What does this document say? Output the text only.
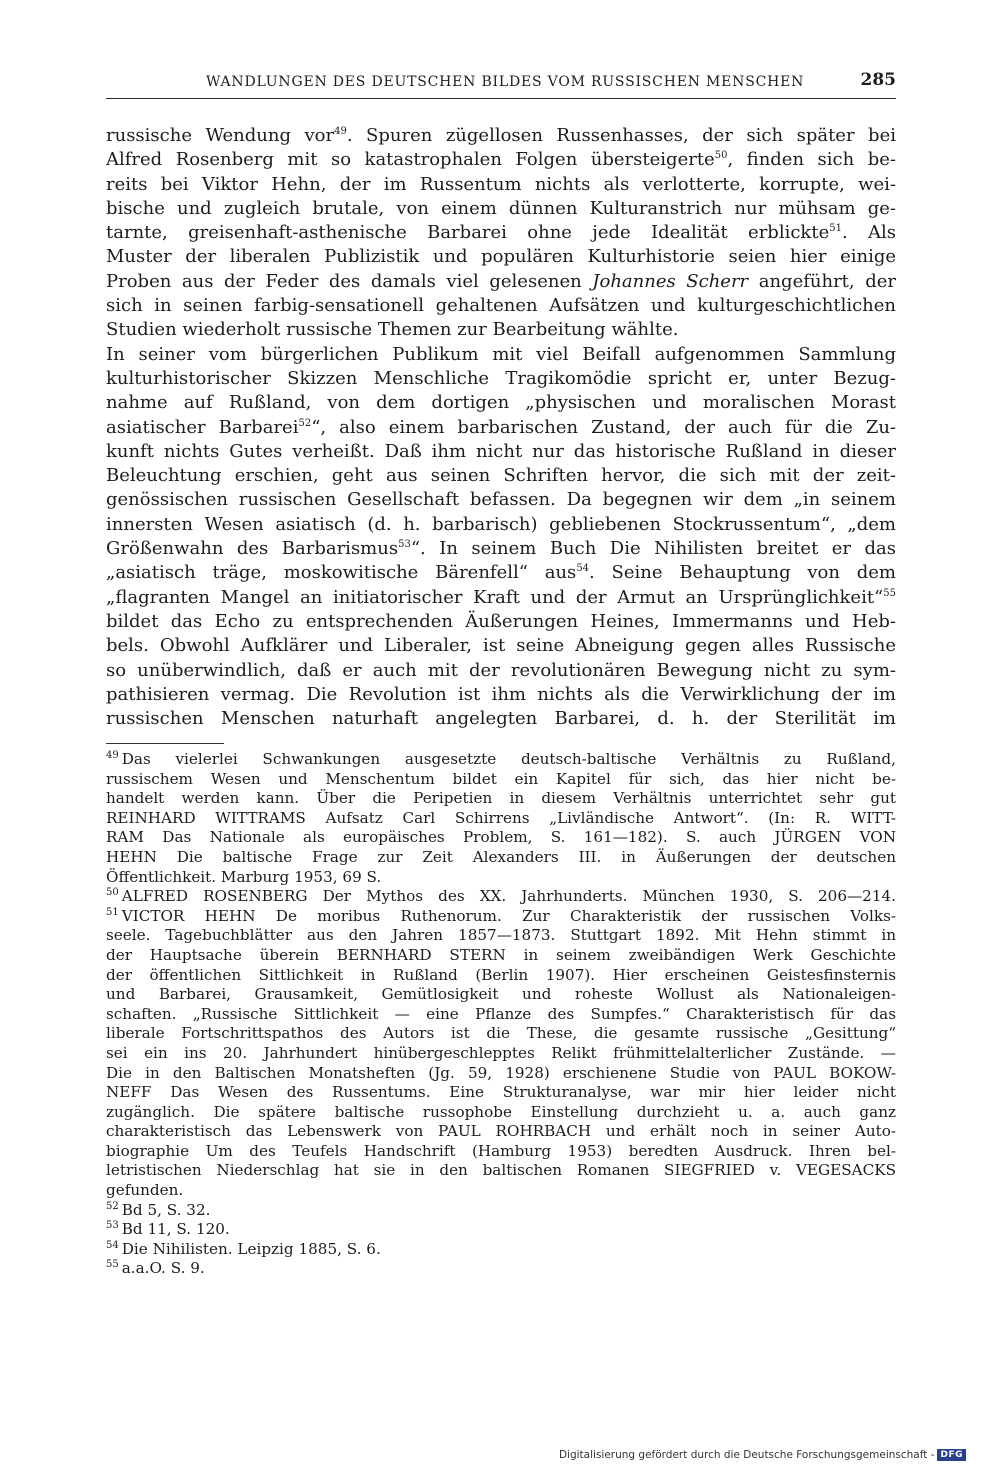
WANDLUNGEN DES DEUTSCHEN BILDES VOM RUSSISCHEN MENSCHEN	285
russische Wendung vor$^{49}$. Spuren zügellosen Russenhasses, der sich später bei
Alfred Rosenberg mit so katastrophalen Folgen übersteigerte$^{50}$, finden sich be-
reits bei Viktor Hehn, der im Russentum nichts als verlotterte, korrupte, wei-
bische und zugleich brutale, von einem dünnen Kulturanstrich nur mühsam ge-
tarnte, greisenhaft-asthenische Barbarei ohne jede Idealität erblickte$^{51}$. Als
Muster der liberalen Publizistik und populären Kulturhistorie seien hier einige
Proben aus der Feder des damals viel gelesenen Johannes Scherr angeführt, der
sich in seinen farbig-sensationell gehaltenen Aufsätzen und kulturgeschichtlichen
Studien wiederholt russische Themen zur Bearbeitung wählte.
In seiner vom bürgerlichen Publikum mit viel Beifall aufgenommen Sammlung
kulturhistorischer Skizzen Menschliche Tragikomödie spricht er, unter Bezug-
nahme auf Rußland, von dem dortigen „physischen und moralischen Morast
asiatischer Barbarei$^{52}$“, also einem barbarischen Zustand, der auch für die Zu-
kunft nichts Gutes verheißt. Daß ihm nicht nur das historische Rußland in dieser
Beleuchtung erschien, geht aus seinen Schriften hervor, die sich mit der zeit-
genössischen russischen Gesellschaft befassen. Da begegnen wir dem „in seinem
innersten Wesen asiatisch (d. h. barbarisch) gebliebenen Stockrussentum“, „dem
Größenwahn des Barbarismus$^{53}$“. In seinem Buch Die Nihilisten breitet er das
„asiatisch träge, moskowitische Bärenfell“ aus$^{54}$. Seine Behauptung von dem
„flagranten Mangel an initiatorischer Kraft und der Armut an Ursprünglichkeit“$^{55}$
bildet das Echo zu entsprechenden Äußerungen Heines, Immermanns und Heb-
bels. Obwohl Aufklärer und Liberaler, ist seine Abneigung gegen alles Russische
so unüberwindlich, daß er auch mit der revolutionären Bewegung nicht zu sym-
pathisieren vermag. Die Revolution ist ihm nichts als die Verwirklichung der im
russischen Menschen naturhaft angelegten Barbarei, d. h. der Sterilität im
$^{49}$ Das vielerlei Schwankungen ausgesetzte deutsch-baltische Verhältnis zu Rußland,
russischem Wesen und Menschentum bildet ein Kapitel für sich, das hier nicht be-
handelt werden kann. Über die Peripetien in diesem Verhältnis unterrichtet sehr gut
REINHARD WITTRAMS Aufsatz Carl Schirrens „Livländische Antwort“. (In: R. WITT-
RAM Das Nationale als europäisches Problem, S. 161—182). S. auch JÜRGEN VON
HEHN Die baltische Frage zur Zeit Alexanders III. in Äußerungen der deutschen
Öffentlichkeit. Marburg 1953, 69 S.
$^{50}$ ALFRED ROSENBERG Der Mythos des XX. Jahrhunderts. München 1930, S. 206—214.
$^{51}$ VICTOR HEHN De moribus Ruthenorum. Zur Charakteristik der russischen Volks-
seele. Tagebuchblätter aus den Jahren 1857—1873. Stuttgart 1892. Mit Hehn stimmt in
der Hauptsache überein BERNHARD STERN in seinem zweibändigen Werk Geschichte
der öffentlichen Sittlichkeit in Rußland (Berlin 1907). Hier erscheinen Geistesfinsternis
und Barbarei, Grausamkeit, Gemütlosigkeit und roheste Wollust als Nationaleigen-
schaften. „Russische Sittlichkeit — eine Pflanze des Sumpfes.“ Charakteristisch für das
liberale Fortschrittspathos des Autors ist die These, die gesamte russische „Gesittung“
sei ein ins 20. Jahrhundert hinübergeschlepptes Relikt frühmittelalterlicher Zustände. —
Die in den Baltischen Monatsheften (Jg. 59, 1928) erschienene Studie von PAUL BOKOW-
NEFF Das Wesen des Russentums. Eine Strukturanalyse, war mir hier leider nicht
zugänglich. Die spätere baltische russophobe Einstellung durchzieht u. a. auch ganz
charakteristisch das Lebenswerk von PAUL ROHRBACH und erhält noch in seiner Auto-
biographie Um des Teufels Handschrift (Hamburg 1953) beredten Ausdruck. Ihren bel-
letristischen Niederschlag hat sie in den baltischen Romanen SIEGFRIED v. VEGESACKS
gefunden.
$^{52}$ Bd 5, S. 32.
$^{53}$ Bd 11, S. 120.
$^{54}$ Die Nihilisten. Leipzig 1885, S. 6.
$^{55}$ a.a.O. S. 9.
Digitalisierung gefördert durch die Deutsche Forschungsgemeinschaft - DFG
